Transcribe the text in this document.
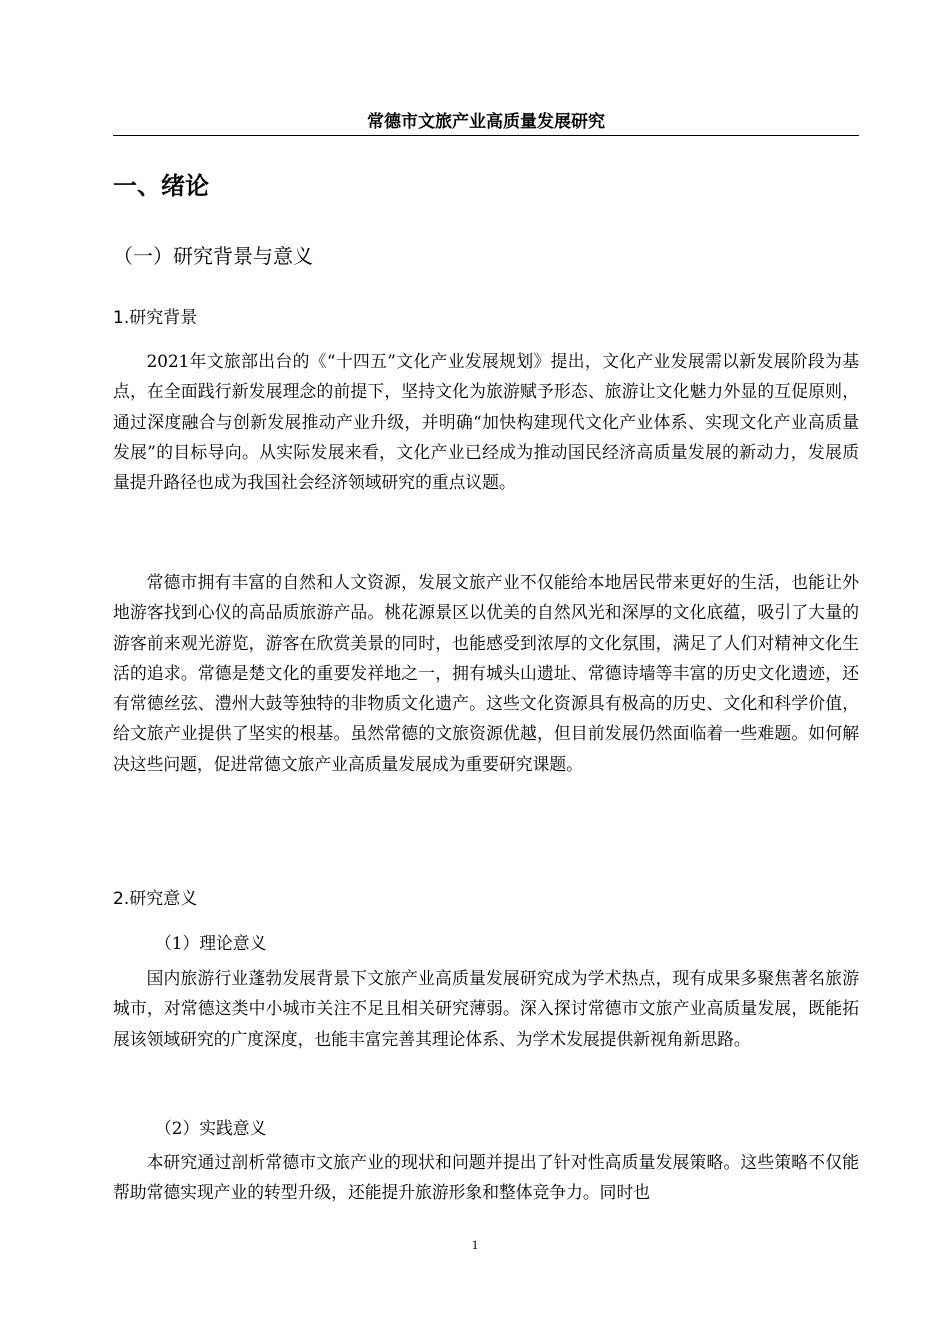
常德市文旅产业高质量发展研究
一、绪论
（一）研究背景与意义
1.研究背景

2021年文旅部出台的《“十四五”文化产业发展规划》提出，文化产业发展需以新发展阶段为基点，在全面践行新发展理念的前提下，坚持文化为旅游赋予形态、旅游让文化魅力外显的互促原则，通过深度融合与创新发展推动产业升级，并明确“加快构建现代文化产业体系、实现文化产业高质量发展”的目标导向。从实际发展来看，文化产业已经成为推动国民经济高质量发展的新动力，发展质量提升路径也成为我国社会经济领域研究的重点议题。

常德市拥有丰富的自然和人文资源，发展文旅产业不仅能给本地居民带来更好的生活，也能让外地游客找到心仪的高品质旅游产品。桃花源景区以优美的自然风光和深厚的文化底蕴，吸引了大量的游客前来观光游览，游客在欣赏美景的同时，也能感受到浓厚的文化氛围，满足了人们对精神文化生活的追求。常德是楚文化的重要发祥地之一，拥有城头山遗址、常德诗墙等丰富的历史文化遗迹，还有常德丝弦、澧州大鼓等独特的非物质文化遗产。这些文化资源具有极高的历史、文化和科学价值，给文旅产业提供了坚实的根基。虽然常德的文旅资源优越，但目前发展仍然面临着一些难题。如何解决这些问题，促进常德文旅产业高质量发展成为重要研究课题。

2.研究意义
（1）理论意义

国内旅游行业蓬勃发展背景下文旅产业高质量发展研究成为学术热点，现有成果多聚焦著名旅游城市，对常德这类中小城市关注不足且相关研究薄弱。深入探讨常德市文旅产业高质量发展，既能拓展该领域研究的广度深度，也能丰富完善其理论体系、为学术发展提供新视角新思路。

（2）实践意义

本研究通过剖析常德市文旅产业的现状和问题并提出了针对性高质量发展策略。这些策略不仅能帮助常德实现产业的转型升级，还能提升旅游形象和整体竞争力。同时也

1
